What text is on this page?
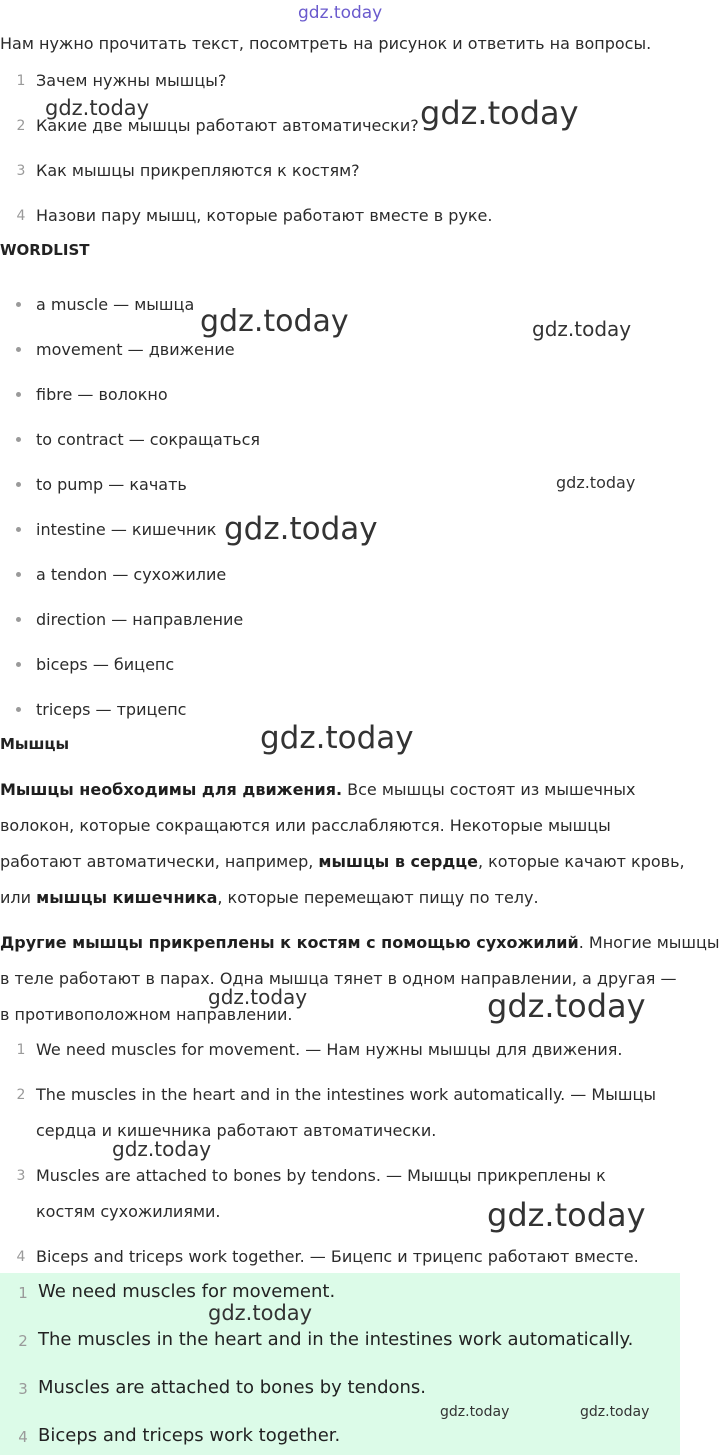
gdz.today
gdz.today	gdz.today
gdz.today	gdz.today
gdz.today
gdz.today
gdz.today
gdz.today	gdz.today
gdz.today
gdz.today
gdz.today
gdz.today	gdz.today

Нам нужно прочитать текст, посомтреть на рисунок и ответить на вопросы.

1 Зачем нужны мышцы?
2 Какие две мышцы работают автоматически?
3 Как мышцы прикрепляются к костям?
4 Назови пару мышц, которые работают вместе в руке.
WORDLIST
a muscle — мышца
movement — движение
fibre — волокно
to contract — сокращаться
to pump — качать
intestine — кишечник
a tendon — сухожилие
direction — направление
biceps — бицепс
triceps — трицепс
Мышцы

Мышцы необходимы для движения. Все мышцы состоят из мышечных

волокон, которые сокращаются или расслабляются. Некоторые мышцы

работают автоматически, например, мышцы в сердце, которые качают кровь,

или мышцы кишечника, которые перемещают пищу по телу.

Другие мышцы прикреплены к костям с помощью сухожилий. Многие мышцы

в теле работают в парах. Одна мышца тянет в одном направлении, а другая —

в противоположном направлении.

1 We need muscles for movement. — Нам нужны мышцы для движения.
2 The muscles in the heart and in the intestines work automatically. — Мышцы
сердца и кишечника работают автоматически.
3 Muscles are attached to bones by tendons. — Мышцы прикреплены к
костям сухожилиями.
4 Biceps and triceps work together. — Бицепс и трицепс работают вместе.
1 We need muscles for movement.
2 The muscles in the heart and in the intestines work automatically.
3 Muscles are attached to bones by tendons.
4 Biceps and triceps work together.
